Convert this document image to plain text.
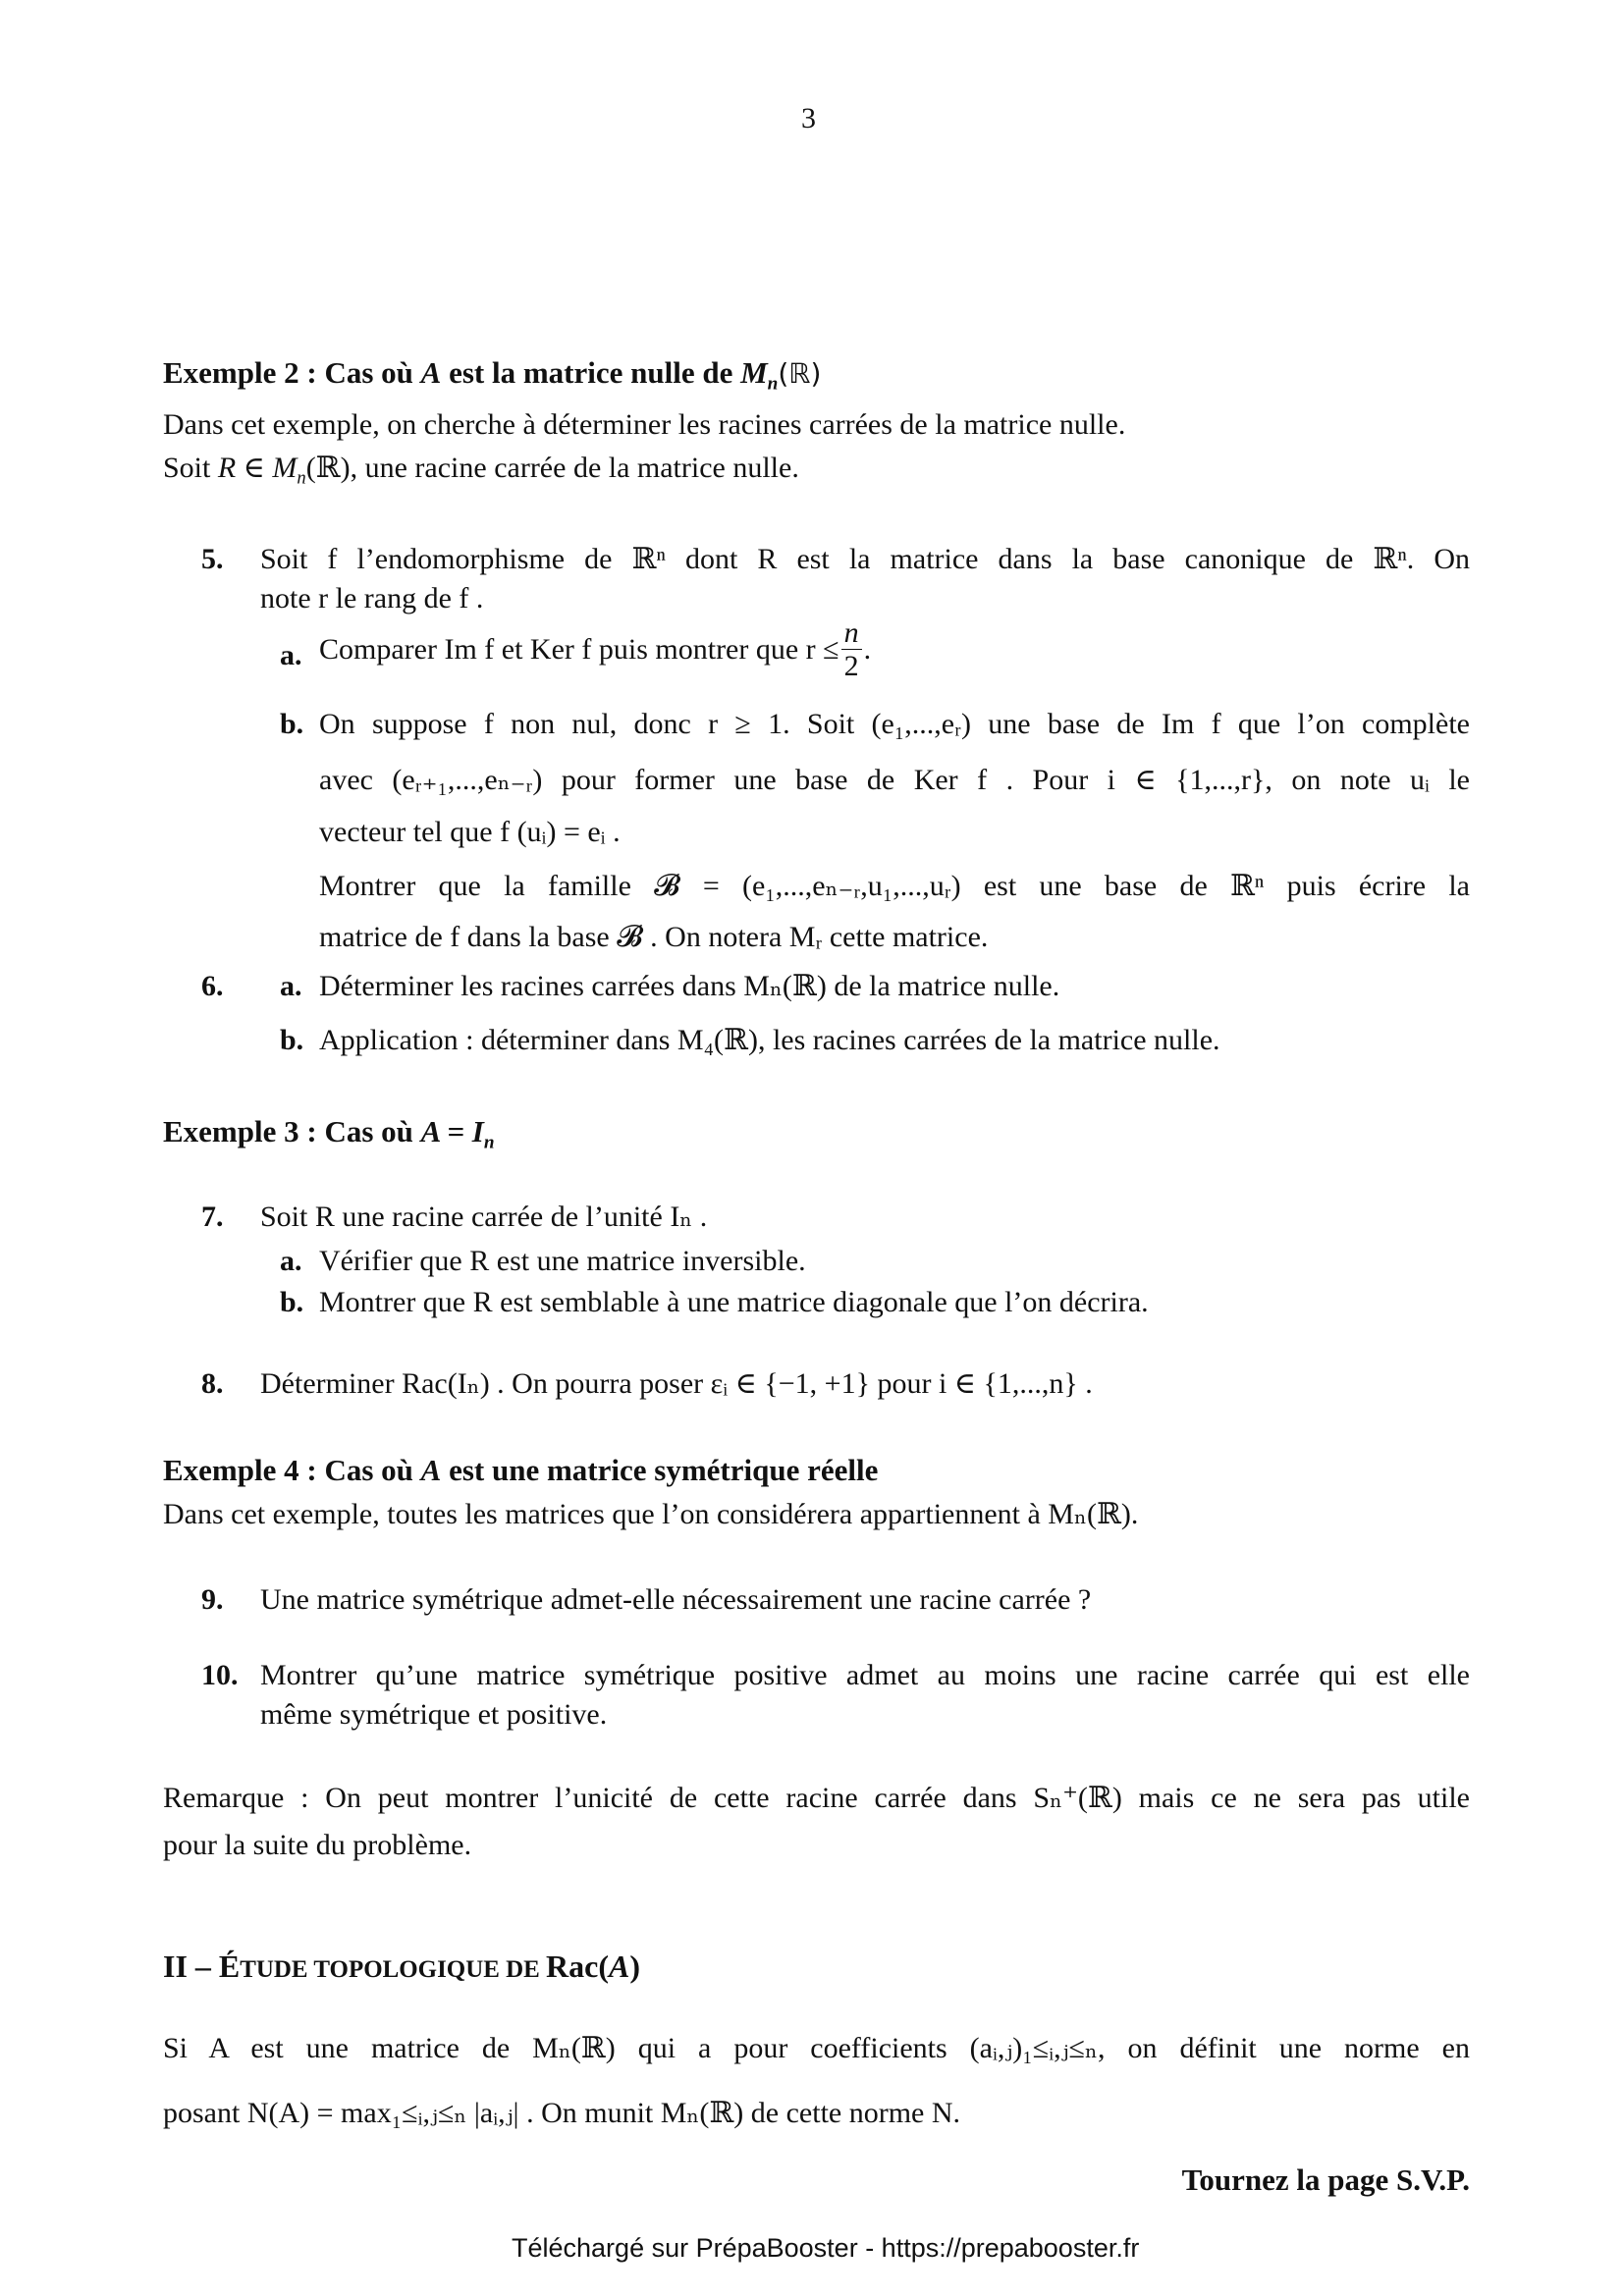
3
Exemple 2 : Cas où A est la matrice nulle de $M_n(ℝ)$
Dans cet exemple, on cherche à déterminer les racines carrées de la matrice nulle.
Soit R ∈ $M_n(ℝ)$, une racine carrée de la matrice nulle.
5. Soit f l’endomorphisme de ℝⁿ dont R est la matrice dans la base canonique de ℝⁿ. On
note r le rang de f .
a. Comparer Im f et Ker f puis montrer que $r \le \frac{n}{2}$ .
b. On suppose f non nul, donc r ≥ 1. Soit (e₁,...,eᵣ) une base de Im f que l’on complète
avec (eᵣ₊₁,...,eₙ₋ᵣ) pour former une base de Ker f . Pour i ∈ {1,...,r}, on note uᵢ le
vecteur tel que f (uᵢ) = eᵢ .
Montrer que la famille 𝓑 = (e₁,...,eₙ₋ᵣ,u₁,...,uᵣ) est une base de ℝⁿ puis écrire la
matrice de f dans la base 𝓑 . On notera Mᵣ cette matrice.
6. a. Déterminer les racines carrées dans Mₙ(ℝ) de la matrice nulle.
b. Application : déterminer dans M₄(ℝ), les racines carrées de la matrice nulle.
Exemple 3 : Cas où $A = I_n$
7. Soit R une racine carrée de l’unité Iₙ .
a. Vérifier que R est une matrice inversible.
b. Montrer que R est semblable à une matrice diagonale que l’on décrira.
8. Déterminer Rac(Iₙ) . On pourra poser εᵢ ∈ {−1, +1} pour i ∈ {1,...,n} .
Exemple 4 : Cas où A est une matrice symétrique réelle
Dans cet exemple, toutes les matrices que l’on considérera appartiennent à Mₙ(ℝ).
9. Une matrice symétrique admet-elle nécessairement une racine carrée ?
10. Montrer qu’une matrice symétrique positive admet au moins une racine carrée qui est elle
même symétrique et positive.
Remarque : On peut montrer l’unicité de cette racine carrée dans Sₙ⁺(ℝ) mais ce ne sera pas utile
pour la suite du problème.
II – ÉTUDE TOPOLOGIQUE DE Rac(A)
Si A est une matrice de Mₙ(ℝ) qui a pour coefficients (aᵢ,ⱼ)₁≤ᵢ,ⱼ≤ₙ, on définit une norme en
posant N(A) = max₁≤ᵢ,ⱼ≤ₙ |aᵢ,ⱼ| . On munit Mₙ(ℝ) de cette norme N.
Tournez la page S.V.P.
Téléchargé sur PrépaBooster - https://prepabooster.fr
